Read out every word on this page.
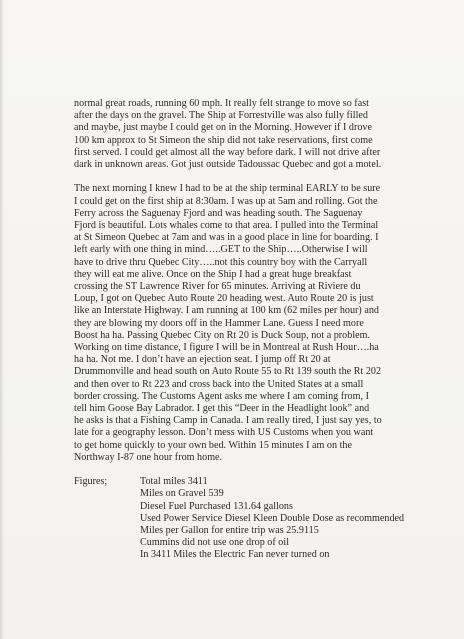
normal great roads, running 60 mph. It really felt strange to move so fast
after the days on the gravel. The Ship at Forrestville was also fully filled
and maybe, just maybe I could get on in the Morning. However if I drove
100 km approx to St Simeon the ship did not take reservations, first come
first served. I could get almost all the way before dark. I will not drive after
dark in unknown areas. Got just outside Tadoussac Quebec and got a motel.

The next morning I knew I had to be at the ship terminal EARLY to be sure
I could get on the first ship at 8:30am. I was up at 5am and rolling. Got the
Ferry across the Saguenay Fjord and was heading south. The Saguenay
Fjord is beautiful. Lots whales come to that area. I pulled into the Terminal
at St Simeon Quebec at 7am and was in a good place in line for boarding. I
left early with one thing in mind…..GET to the Ship…..Otherwise I will
have to drive thru Quebec City…..not this country boy with the Carryall
they will eat me alive. Once on the Ship I had a great huge breakfast
crossing the ST Lawrence River for 65 minutes. Arriving at Riviere du
Loup, I got on Quebec Auto Route 20 heading west. Auto Route 20 is just
like an Interstate Highway. I am running at 100 km (62 miles per hour) and
they are blowing my doors off in the Hammer Lane. Guess I need more
Boost ha ha. Passing Quebec City on Rt 20 is Duck Soup, not a problem.
Working on time distance, I figure I will be in Montreal at Rush Hour….ha
ha ha. Not me. I don’t have an ejection seat. I jump off Rt 20 at
Drummonville and head south on Auto Route 55 to Rt 139 south the Rt 202
and then over to Rt 223 and cross back into the United States at a small
border crossing. The Customs Agent asks me where I am coming from, I
tell him Goose Bay Labrador. I get this “Deer in the Headlight look” and
he asks is that a Fishing Camp in Canada. I am really tired, I just say yes, to
late for a geography lesson. Don’t mess with US Customs when you want
to get home quickly to your own bed. Within 15 minutes I am on the
Northway I-87 one hour from home.

Figures;	Total miles 3411
Miles on Gravel 539
Diesel Fuel Purchased 131.64 gallons
Used Power Service Diesel Kleen Double Dose as recommended
Miles per Gallon for entire trip was 25.9115
Cummins did not use one drop of oil
In 3411 Miles the Electric Fan never turned on
